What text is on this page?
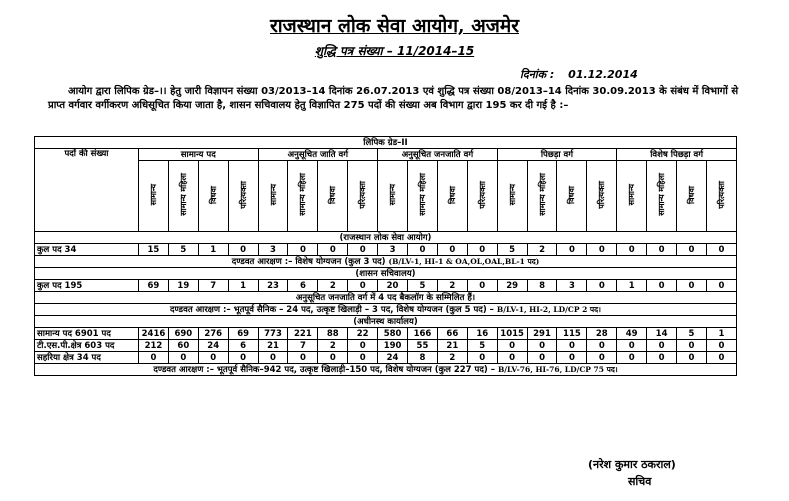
राजस्थान लोक सेवा आयोग, अजमेर
शुद्धि पत्र संख्या – 11/2014–15
दिनांक : 01.12.2014
आयोग द्वारा लिपिक ग्रेड–।। हेतु जारी विज्ञापन संख्या 03/2013–14 दिनांक 26.07.2013 एवं शुद्धि पत्र संख्या 08/2013–14 दिनांक 30.09.2013 के संबंध में विभागों से प्राप्त वर्गवार वर्गीकरण अधिसूचित किया जाता है, शासन सचिवालय हेतु विज्ञापित 275 पदों की संख्या अब विभाग द्वारा 195 कर दी गई है :–
लिपिक ग्रेड–II																				
पदों की संख्या	सामान्य पद				अनुसूचित जाति वर्ग				अनुसूचित जनजाति वर्ग				पिछड़ा वर्ग				विशेष पिछड़ा वर्ग			
	सामान्य	सामान्य महिला	विधवा	परित्यक्ता	सामान्य	सामान्य महिला	विधवा	परित्यक्ता	सामान्य	सामान्य महिला	विधवा	परित्यक्ता	सामान्य	सामान्य महिला	विधवा	परित्यक्ता	सामान्य	सामान्य महिला	विधवा	परित्यक्ता
(राजस्थान लोक सेवा आयोग)																				
कुल पद 34	15	5	1	0	3	0	0	0	3	0	0	0	5	2	0	0	0	0	0	0
दण्डवत आरक्षण :– विशेष योग्यजन (कुल 3 पद) (B/LV-1, HI-1 & OA,OL,OAL,BL-1 पद)																				
(शासन सचिवालय)																				
कुल पद 195	69	19	7	1	23	6	2	0	20	5	2	0	29	8	3	0	1	0	0	0
अनुसूचित जनजाति वर्ग में 4 पद बैकलॉग के सम्मिलित हैं।																				
दण्डवत आरक्षण :– भूतपूर्व सैनिक – 24 पद, उत्कृष्ट खिलाड़ी – 3 पद, विशेष योग्यजन (कुल 5 पद) – B/LV-1, HI-2, LD/CP 2 पद।																				
(अधीनस्थ कार्यालय)																				
सामान्य पद 6901 पद	2416	690	276	69	773	221	88	22	580	166	66	16	1015	291	115	28	49	14	5	1
टी.एस.पी.क्षेत्र 603 पद	212	60	24	6	21	7	2	0	190	55	21	5	0	0	0	0	0	0	0	0
सहरिया क्षेत्र 34 पद	0	0	0	0	0	0	0	0	24	8	2	0	0	0	0	0	0	0	0	0
दण्डवत आरक्षण :– भूतपूर्व सैनिक–942 पद, उत्कृष्ट खिलाड़ी–150 पद, विशेष योग्यजन (कुल 227 पद) – B/LV-76, HI-76, LD/CP 75 पद।																				
(नरेश कुमार ठकराल)
सचिव
